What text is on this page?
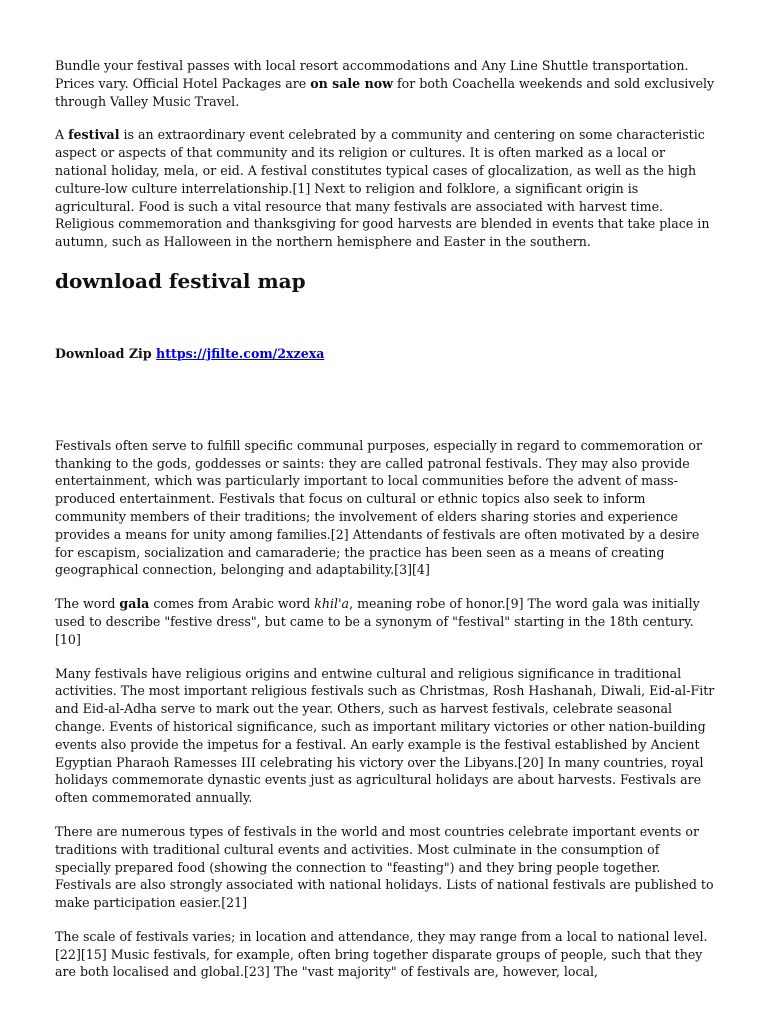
Bundle your festival passes with local resort accommodations and Any Line Shuttle transportation. Prices vary. Official Hotel Packages are on sale now for both Coachella weekends and sold exclusively through Valley Music Travel.

A festival is an extraordinary event celebrated by a community and centering on some characteristic aspect or aspects of that community and its religion or cultures. It is often marked as a local or national holiday, mela, or eid. A festival constitutes typical cases of glocalization, as well as the high culture-low culture interrelationship.[1] Next to religion and folklore, a significant origin is agricultural. Food is such a vital resource that many festivals are associated with harvest time. Religious commemoration and thanksgiving for good harvests are blended in events that take place in autumn, such as Halloween in the northern hemisphere and Easter in the southern.

download festival map

Download Zip https://jfilte.com/2xzexa

Festivals often serve to fulfill specific communal purposes, especially in regard to commemoration or thanking to the gods, goddesses or saints: they are called patronal festivals. They may also provide entertainment, which was particularly important to local communities before the advent of mass-produced entertainment. Festivals that focus on cultural or ethnic topics also seek to inform community members of their traditions; the involvement of elders sharing stories and experience provides a means for unity among families.[2] Attendants of festivals are often motivated by a desire for escapism, socialization and camaraderie; the practice has been seen as a means of creating geographical connection, belonging and adaptability.[3][4]

The word gala comes from Arabic word khil'a, meaning robe of honor.[9] The word gala was initially used to describe "festive dress", but came to be a synonym of "festival" starting in the 18th century.[10]

Many festivals have religious origins and entwine cultural and religious significance in traditional activities. The most important religious festivals such as Christmas, Rosh Hashanah, Diwali, Eid-al-Fitr and Eid-al-Adha serve to mark out the year. Others, such as harvest festivals, celebrate seasonal change. Events of historical significance, such as important military victories or other nation-building events also provide the impetus for a festival. An early example is the festival established by Ancient Egyptian Pharaoh Ramesses III celebrating his victory over the Libyans.[20] In many countries, royal holidays commemorate dynastic events just as agricultural holidays are about harvests. Festivals are often commemorated annually.

There are numerous types of festivals in the world and most countries celebrate important events or traditions with traditional cultural events and activities. Most culminate in the consumption of specially prepared food (showing the connection to "feasting") and they bring people together. Festivals are also strongly associated with national holidays. Lists of national festivals are published to make participation easier.[21]

The scale of festivals varies; in location and attendance, they may range from a local to national level.[22][15] Music festivals, for example, often bring together disparate groups of people, such that they are both localised and global.[23] The "vast majority" of festivals are, however, local,
